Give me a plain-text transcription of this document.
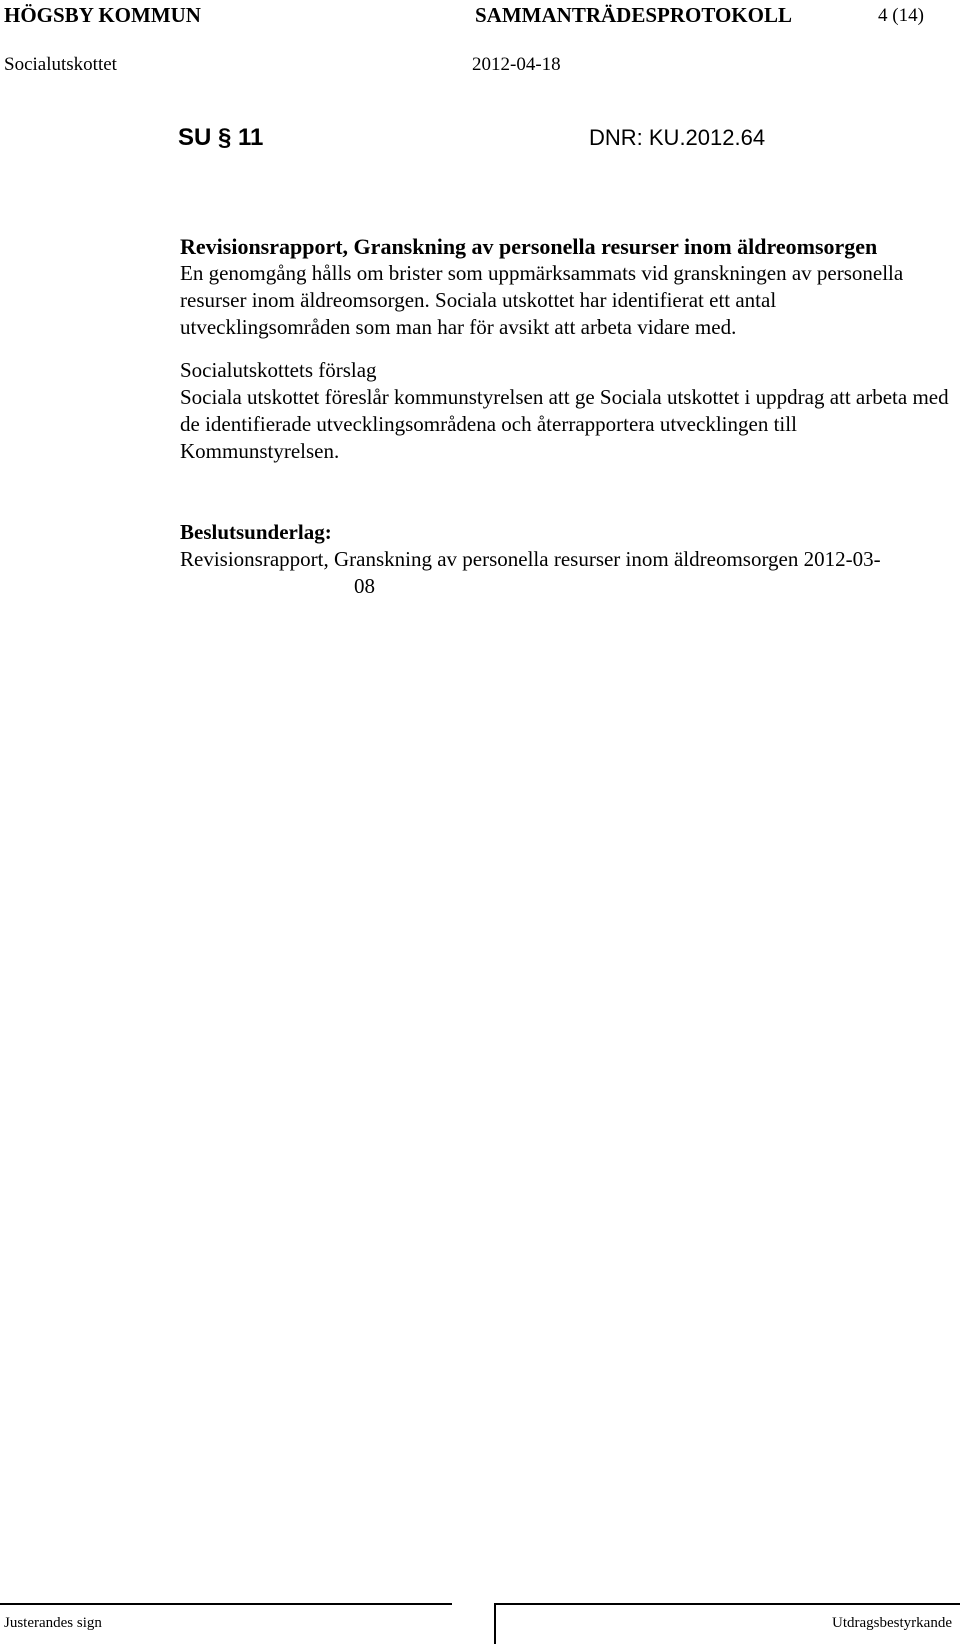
HÖGSBY KOMMUN	SAMMANTRÄDESPROTOKOLL	4 (14)
Socialutskottet	2012-04-18
SU § 11	DNR: KU.2012.64
Revisionsrapport, Granskning av personella resurser inom äldreomsorgen

En genomgång hålls om brister som uppmärksammats vid granskningen av personella resurser inom äldreomsorgen. Sociala utskottet har identifierat ett antal utvecklingsområden som man har för avsikt att arbeta vidare med.

Socialutskottets förslag

Sociala utskottet föreslår kommunstyrelsen att ge Sociala utskottet i uppdrag att arbeta med de identifierade utvecklingsområdena och återrapportera utvecklingen till Kommunstyrelsen.

Beslutsunderlag:

Revisionsrapport, Granskning av personella resurser inom äldreomsorgen 2012-03-

08

Justerandes sign	Utdragsbestyrkande
